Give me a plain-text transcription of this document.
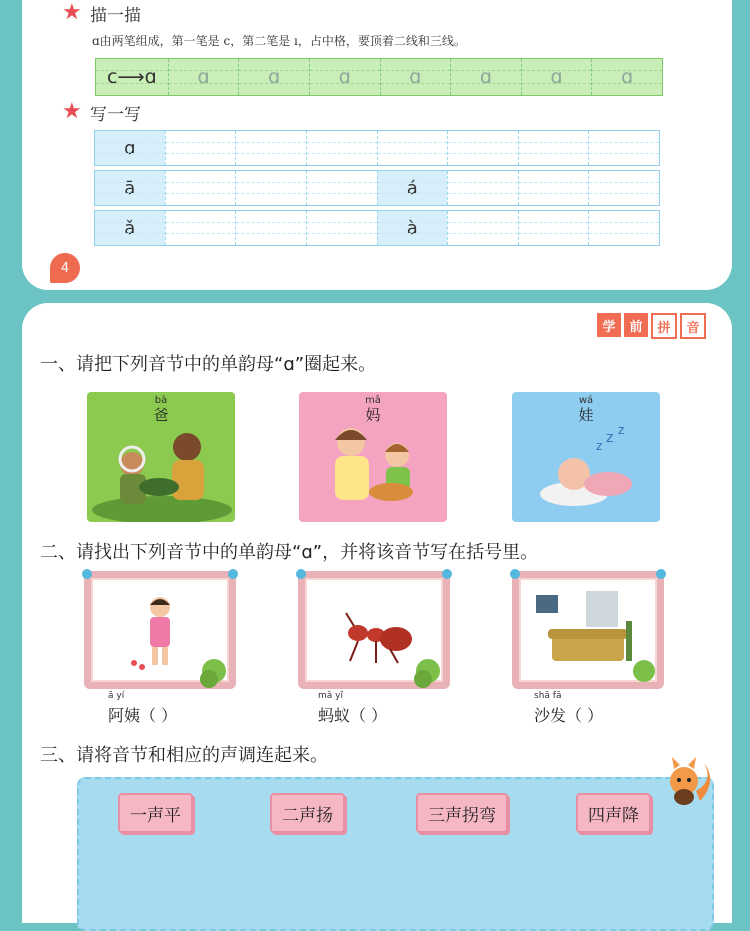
★ 描一描
ɑ由两笔组成，第一笔是 c，第二笔是 ı，占中格，要顶着二线和三线。
c⟶ɑ	ɑ	ɑ	ɑ	ɑ	ɑ	ɑ	ɑ
★ 写一写
ɑ
ā	á
ǎ	à
4
学	前	拼	音
一、请把下列音节中的单韵母“ɑ”圈起来。
bà
爸
mā
妈
wá
娃
z z z
二、请找出下列音节中的单韵母“ɑ”，并将该音节写在括号里。
ā yí
阿姨（ ）
mǎ yǐ
蚂蚁（ ）
shā fā
沙发（ ）
三、请将音节和相应的声调连起来。
一声平	二声扬	三声拐弯	四声降
